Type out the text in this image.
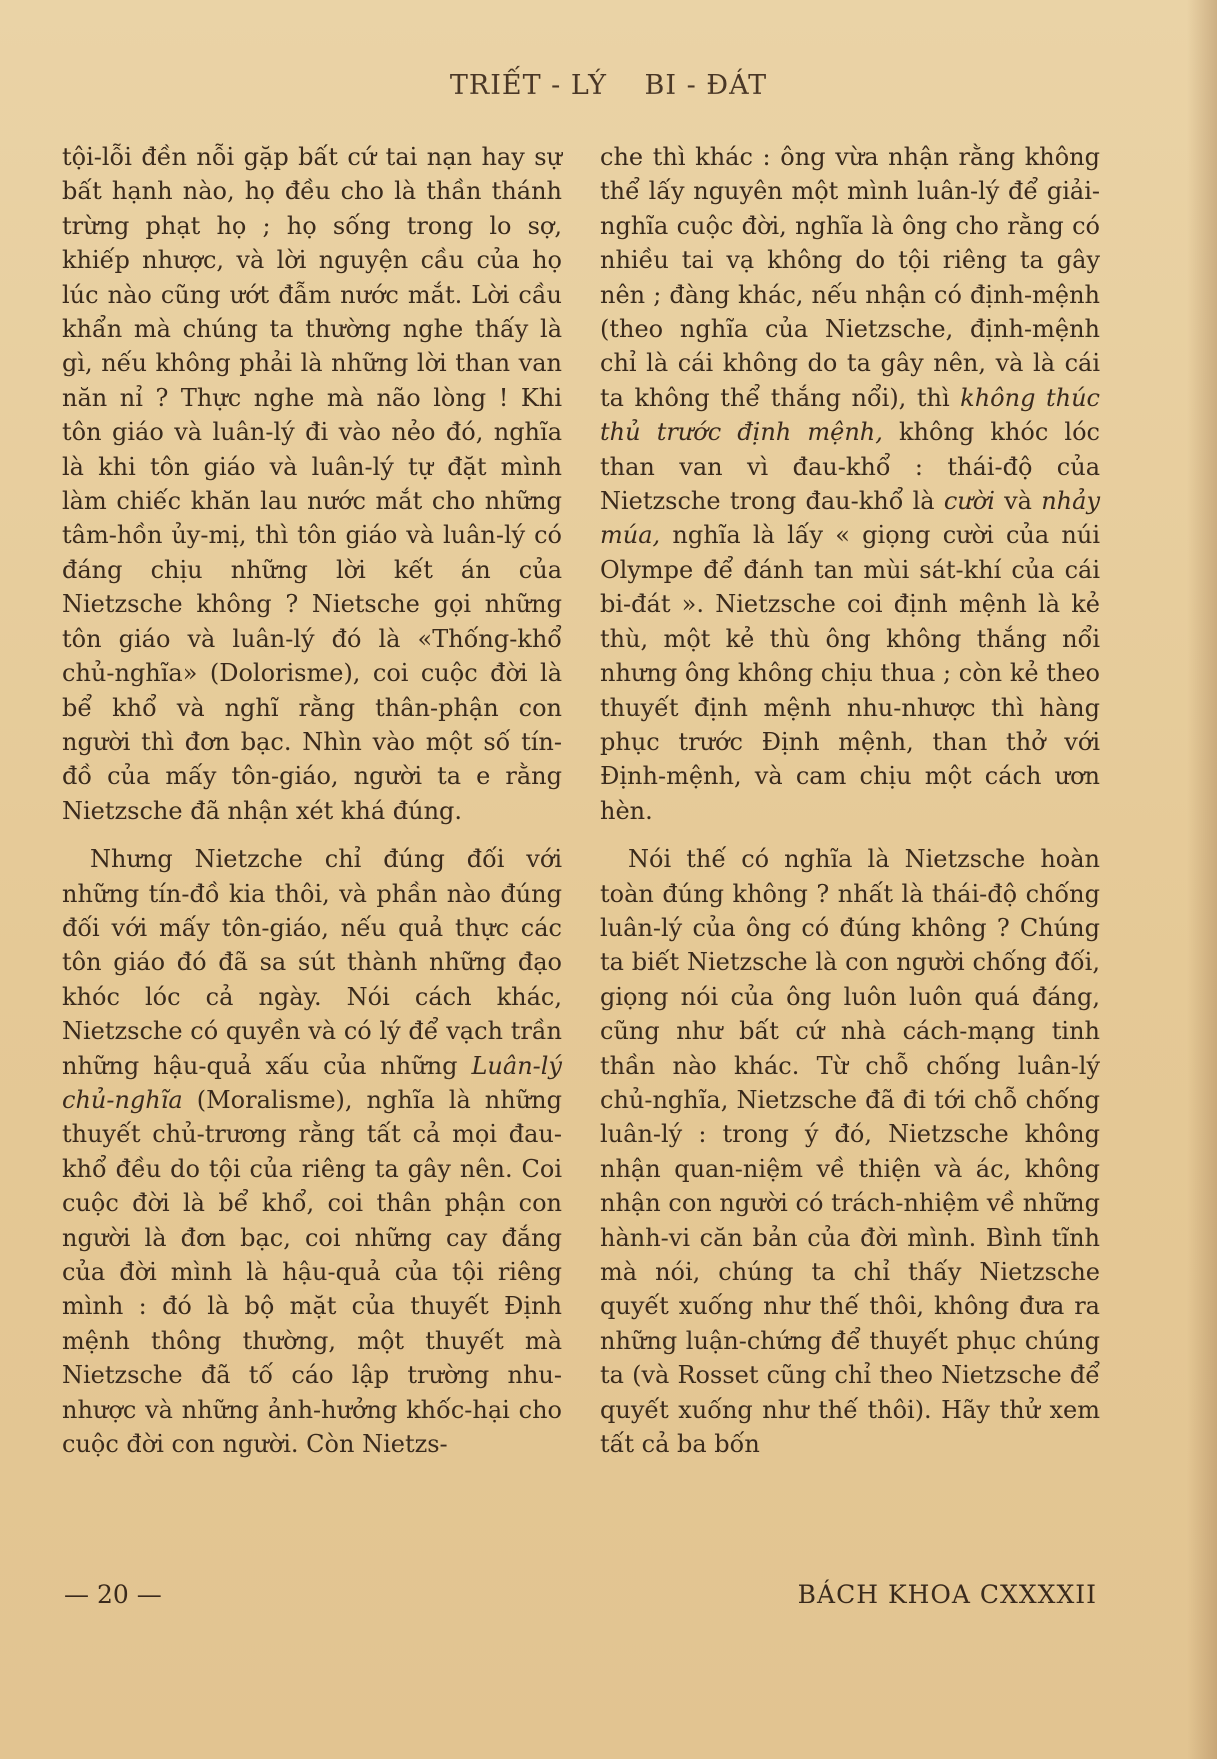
TRIẾT - LÝ BI - ĐÁT

tội-lỗi đền nỗi gặp bất cứ tai nạn hay sự bất hạnh nào, họ đều cho là thần thánh trừng phạt họ ; họ sống trong lo sợ, khiếp nhược, và lời nguyện cầu của họ lúc nào cũng ướt đẫm nước mắt. Lời cầu khẩn mà chúng ta thường nghe thấy là gì, nếu không phải là những lời than van năn nỉ ? Thực nghe mà não lòng ! Khi tôn giáo và luân-lý đi vào nẻo đó, nghĩa là khi tôn giáo và luân-lý tự đặt mình làm chiếc khăn lau nước mắt cho những tâm-hồn ủy-mị, thì tôn giáo và luân-lý có đáng chịu những lời kết án của Nietzsche không ? Nietsche gọi những tôn giáo và luân-lý đó là «Thống-khổ chủ-nghĩa» (Dolorisme), coi cuộc đời là bể khổ và nghĩ rằng thân-phận con người thì đơn bạc. Nhìn vào một số tín-đồ của mấy tôn-giáo, người ta e rằng Nietzsche đã nhận xét khá đúng.

Nhưng Nietzche chỉ đúng đối với những tín-đồ kia thôi, và phần nào đúng đối với mấy tôn-giáo, nếu quả thực các tôn giáo đó đã sa sút thành những đạo khóc lóc cả ngày. Nói cách khác, Nietzsche có quyền và có lý để vạch trần những hậu-quả xấu của những Luân-lý chủ-nghĩa (Moralisme), nghĩa là những thuyết chủ-trương rằng tất cả mọi đau-khổ đều do tội của riêng ta gây nên. Coi cuộc đời là bể khổ, coi thân phận con người là đơn bạc, coi những cay đắng của đời mình là hậu-quả của tội riêng mình : đó là bộ mặt của thuyết Định mệnh thông thường, một thuyết mà Nietzsche đã tố cáo lập trường nhu-nhược và những ảnh-hưởng khốc-hại cho cuộc đời con người. Còn Nietzs-

che thì khác : ông vừa nhận rằng không thể lấy nguyên một mình luân-lý để giải-nghĩa cuộc đời, nghĩa là ông cho rằng có nhiều tai vạ không do tội riêng ta gây nên ; đàng khác, nếu nhận có định-mệnh (theo nghĩa của Nietzsche, định-mệnh chỉ là cái không do ta gây nên, và là cái ta không thể thắng nổi), thì không thúc thủ trước định mệnh, không khóc lóc than van vì đau-khổ : thái-độ của Nietzsche trong đau-khổ là cười và nhảy múa, nghĩa là lấy « giọng cười của núi Olympe để đánh tan mùi sát-khí của cái bi-đát ». Nietzsche coi định mệnh là kẻ thù, một kẻ thù ông không thắng nổi nhưng ông không chịu thua ; còn kẻ theo thuyết định mệnh nhu-nhược thì hàng phục trước Định mệnh, than thở với Định-mệnh, và cam chịu một cách ươn hèn.

Nói thế có nghĩa là Nietzsche hoàn toàn đúng không ? nhất là thái-độ chống luân-lý của ông có đúng không ? Chúng ta biết Nietzsche là con người chống đối, giọng nói của ông luôn luôn quá đáng, cũng như bất cứ nhà cách-mạng tinh thần nào khác. Từ chỗ chống luân-lý chủ-nghĩa, Nietzsche đã đi tới chỗ chống luân-lý : trong ý đó, Nietzsche không nhận quan-niệm về thiện và ác, không nhận con người có trách-nhiệm về những hành-vi căn bản của đời mình. Bình tĩnh mà nói, chúng ta chỉ thấy Nietzsche quyết xuống như thế thôi, không đưa ra những luận-chứng để thuyết phục chúng ta (và Rosset cũng chỉ theo Nietzsche để quyết xuống như thế thôi). Hãy thử xem tất cả ba bốn

— 20 —	BÁCH KHOA CXXXXII
